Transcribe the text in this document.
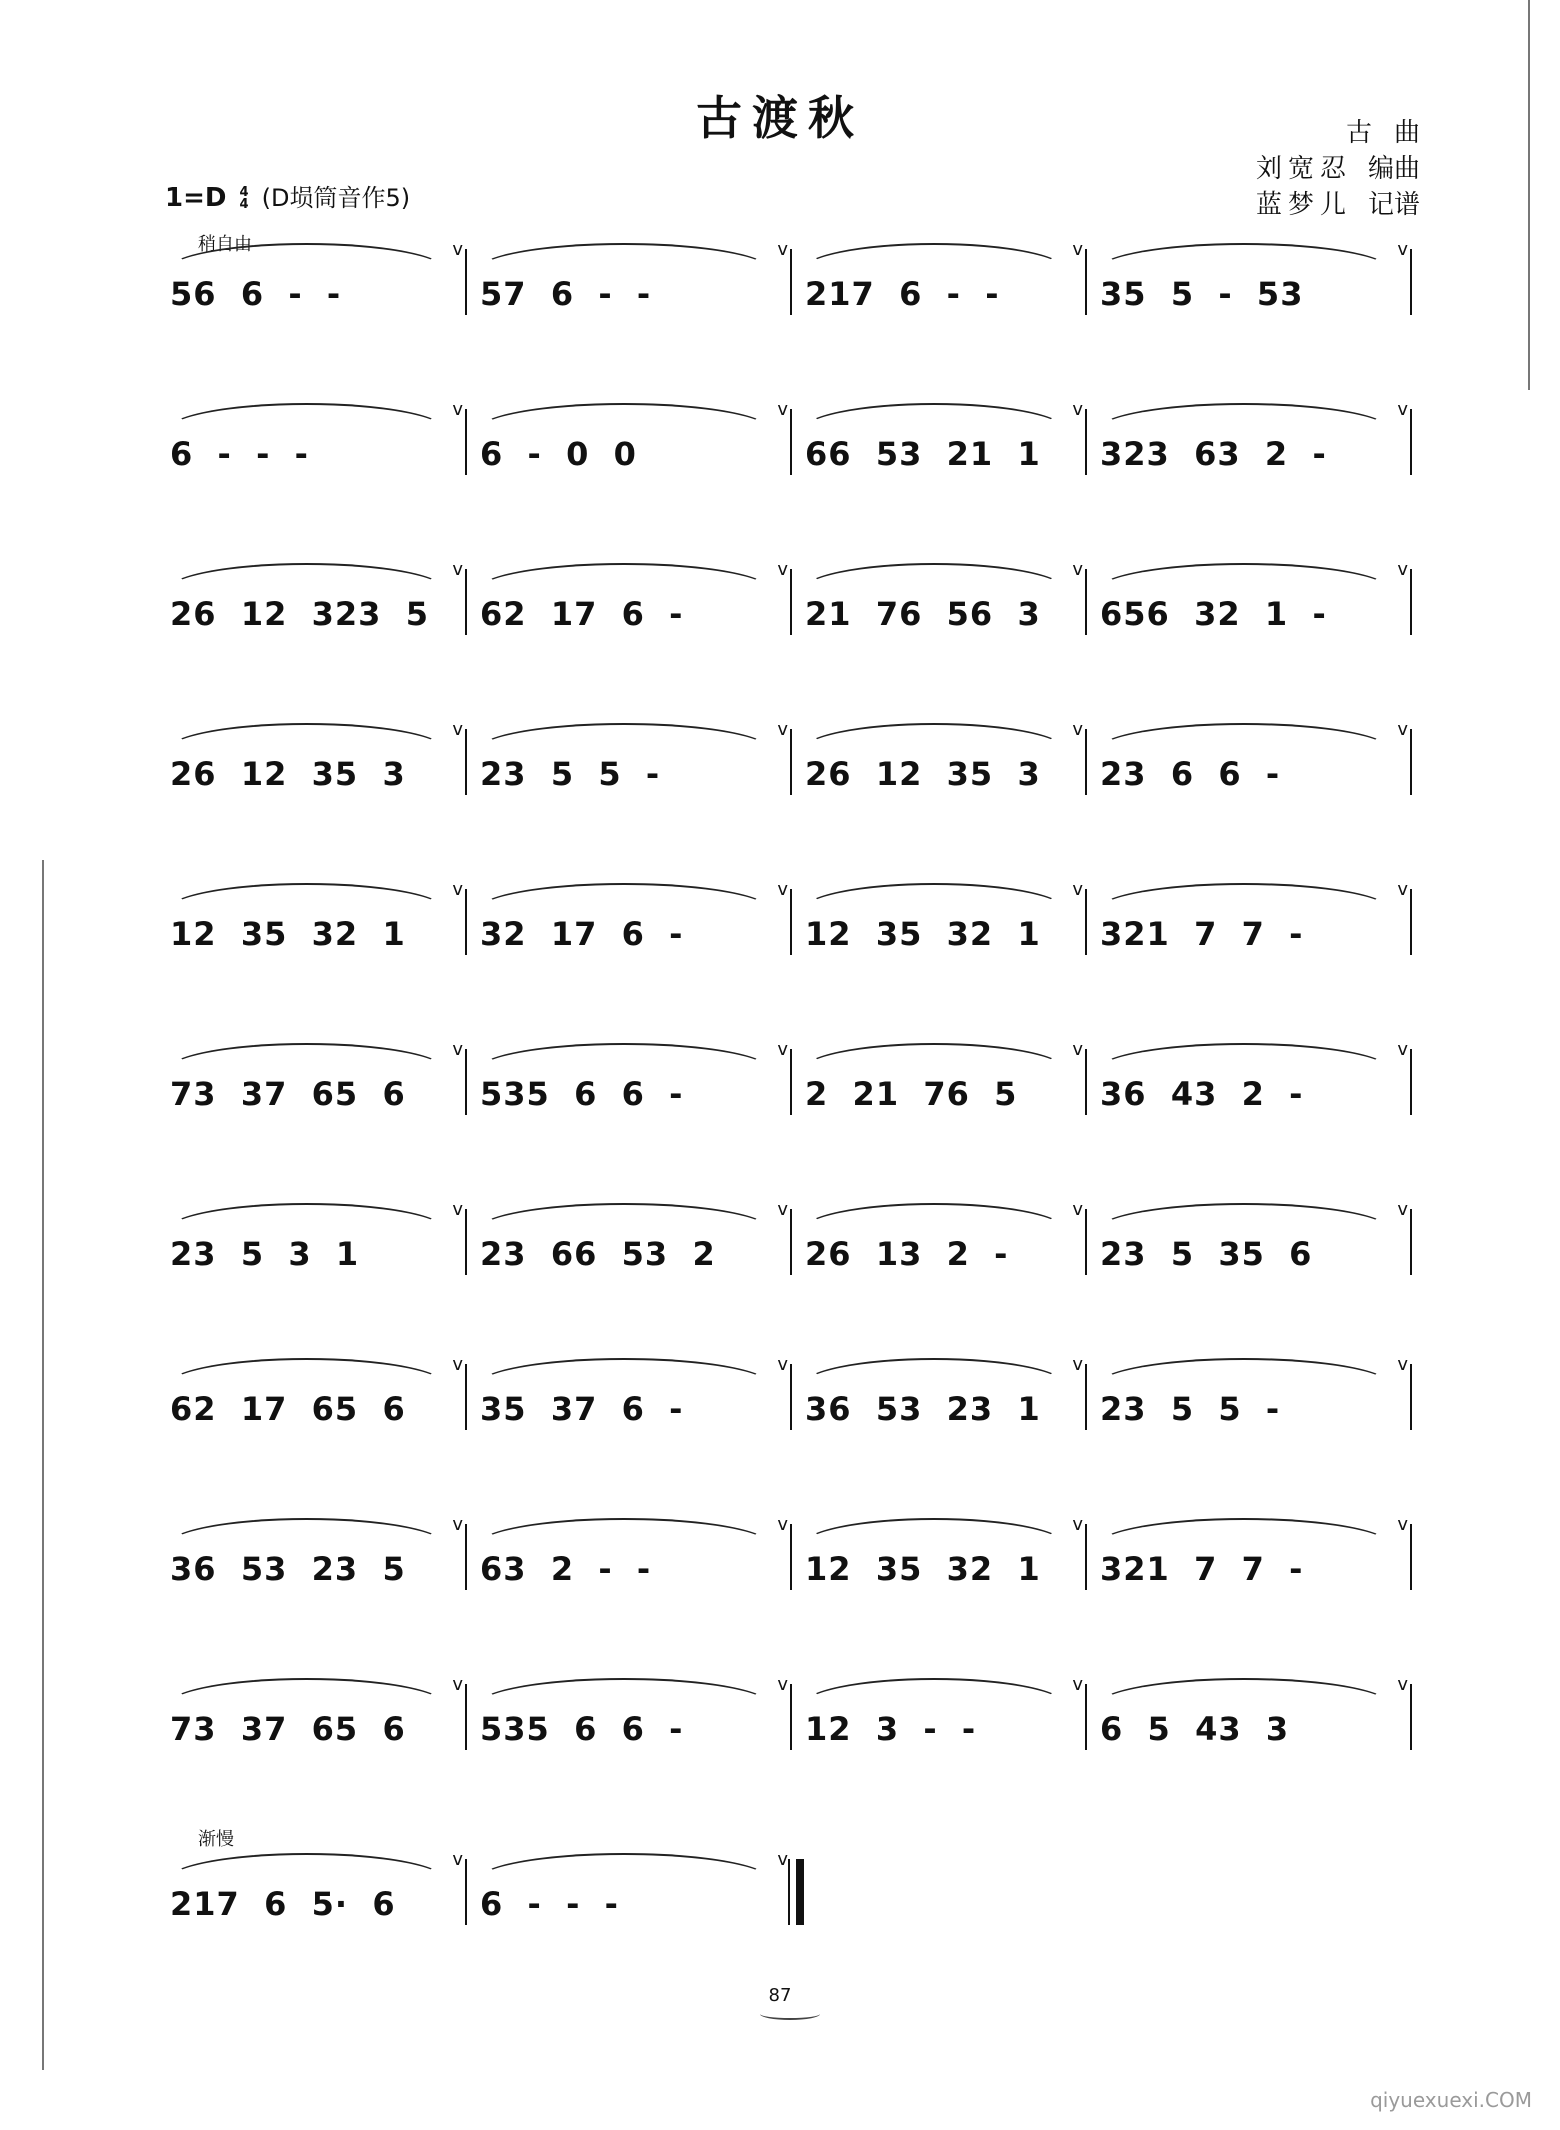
古渡秋	古 曲
刘宽忍 编曲
蓝梦儿 记谱
1=D 4
4 (D埙筒音作5)
稍自由
渐慢
56  6  -  -
v
57  6  -  -
v
217  6  -  -
v
35  5  -  53
v
6  -  -  -
v
6  -  0  0
v
66  53  21  1
v
323  63  2  -
v
26  12  323  5
v
62  17  6  -
v
21  76  56  3
v
656  32  1  -
v
26  12  35  3
v
23  5  5  -
v
26  12  35  3
v
23  6  6  -
v
12  35  32  1
v
32  17  6  -
v
12  35  32  1
v
321  7  7  -
v
73  37  65  6
v
535  6  6  -
v
2  21  76  5
v
36  43  2  -
v
23  5  3  1
v
23  66  53  2
v
26  13  2  -
v
23  5  35  6
v
62  17  65  6
v
35  37  6  -
v
36  53  23  1
v
23  5  5  -
v
36  53  23  5
v
63  2  -  -
v
12  35  32  1
v
321  7  7  -
v
73  37  65  6
v
535  6  6  -
v
12  3  -  -
v
6  5  43  3
v
217  6  5·  6
v
6  -  -  -
v
87
qiyuexuexi.COM
